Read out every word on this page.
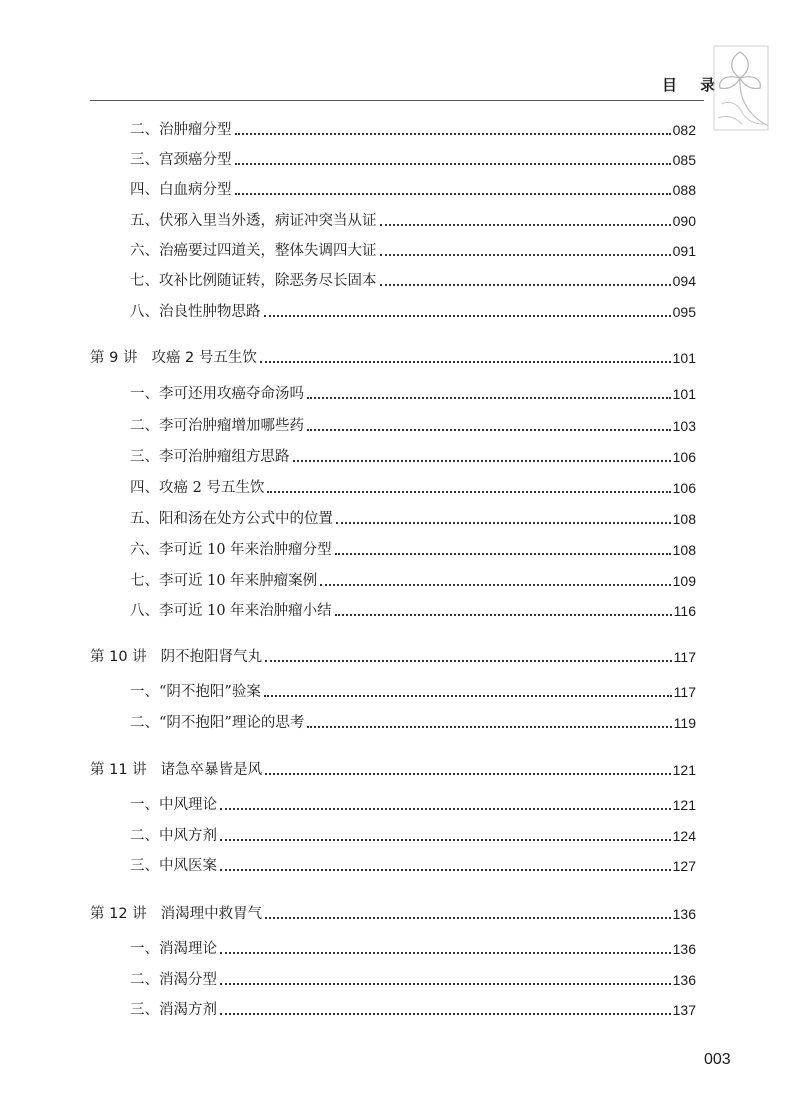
目 录
二、治肿瘤分型	082
三、宫颈癌分型	085
四、白血病分型	088
五、伏邪入里当外透，病证冲突当从证	090
六、治癌要过四道关，整体失调四大证	091
七、攻补比例随证转，除恶务尽长固本	094
八、治良性肿物思路	095
第 9 讲 攻癌 2 号五生饮	101
一、李可还用攻癌夺命汤吗	101
二、李可治肿瘤增加哪些药	103
三、李可治肿瘤组方思路	106
四、攻癌 2 号五生饮	106
五、阳和汤在处方公式中的位置	108
六、李可近 10 年来治肿瘤分型	108
七、李可近 10 年来肿瘤案例	109
八、李可近 10 年来治肿瘤小结	116
第 10 讲 阴不抱阳肾气丸	117
一、“阴不抱阳”验案	117
二、“阴不抱阳”理论的思考	119
第 11 讲 诸急卒暴皆是风	121
一、中风理论	121
二、中风方剂	124
三、中风医案	127
第 12 讲 消渴理中救胃气	136
一、消渴理论	136
二、消渴分型	136
三、消渴方剂	137
003
